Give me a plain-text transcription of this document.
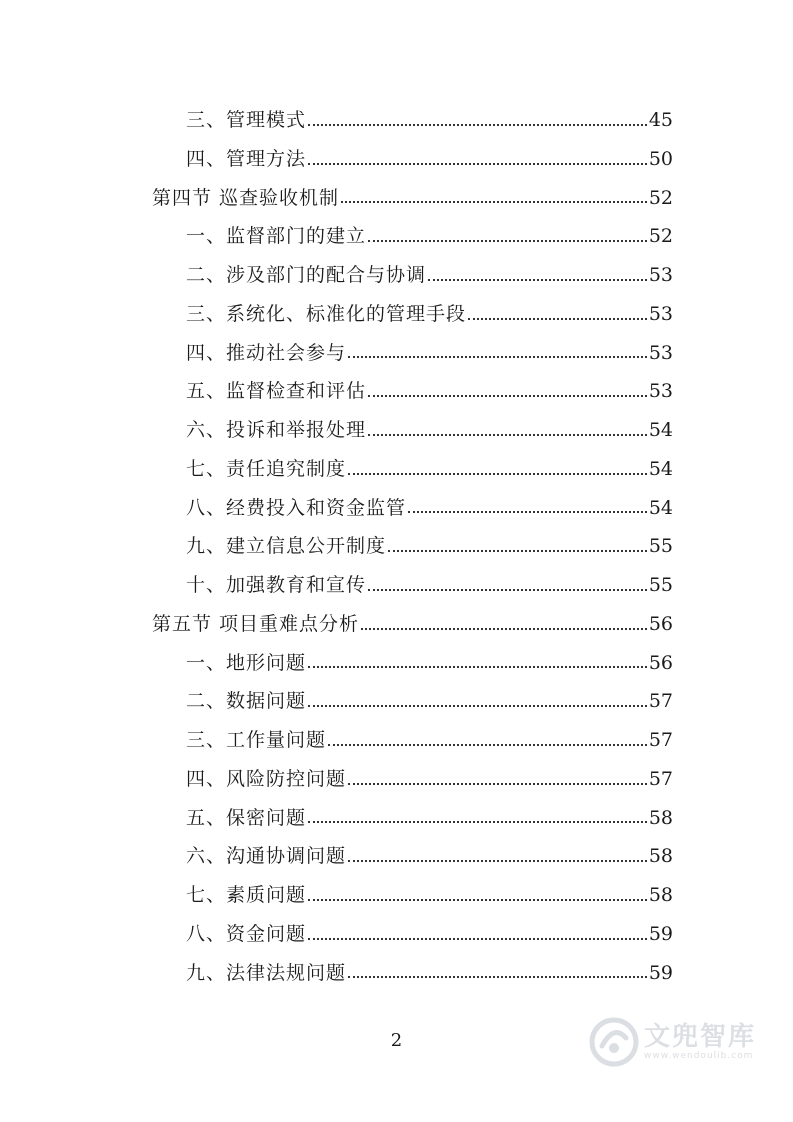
三、管理模式	45
四、管理方法	50
第四节 巡查验收机制	52
一、监督部门的建立	52
二、涉及部门的配合与协调	53
三、系统化、标准化的管理手段	53
四、推动社会参与	53
五、监督检查和评估	53
六、投诉和举报处理	54
七、责任追究制度	54
八、经费投入和资金监管	54
九、建立信息公开制度	55
十、加强教育和宣传	55
第五节 项目重难点分析	56
一、地形问题	56
二、数据问题	57
三、工作量问题	57
四、风险防控问题	57
五、保密问题	58
六、沟通协调问题	58
七、素质问题	58
八、资金问题	59
九、法律法规问题	59
2	文兜智库
www.wendoulib.com
